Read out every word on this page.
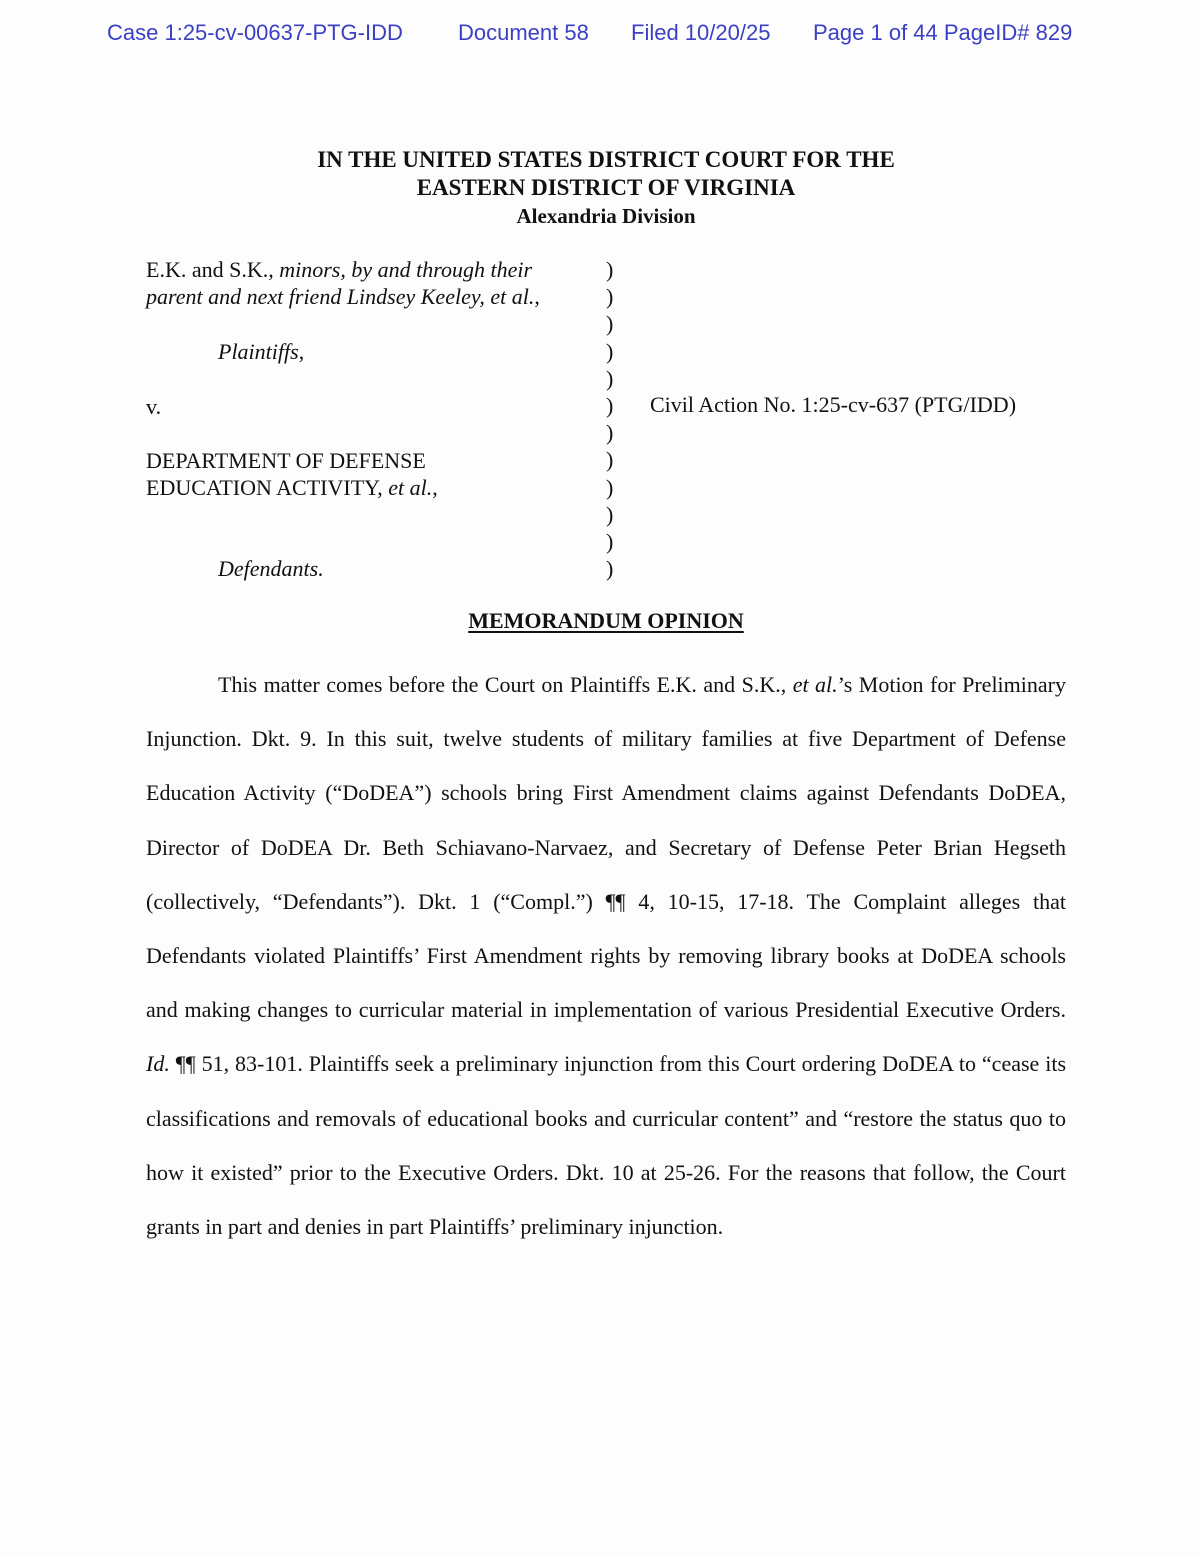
Case 1:25-cv-00637-PTG-IDD	Document 58 Filed 10/20/25 Page 1 of 44 PageID# 829
IN THE UNITED STATES DISTRICT COURT FOR THE
EASTERN DISTRICT OF VIRGINIA
Alexandria Division
E.K. and S.K., minors, by and through their
parent and next friend Lindsey Keeley, et al.,
Plaintiffs,
v.
DEPARTMENT OF DEFENSE
EDUCATION ACTIVITY, et al.,
Defendants.
)
)
)
)
)
)
)
)
)
)
)
)
Civil Action No. 1:25-cv-637 (PTG/IDD)
MEMORANDUM OPINION

This matter comes before the Court on Plaintiffs E.K. and S.K., et al.’s Motion for Preliminary Injunction. Dkt. 9. In this suit, twelve students of military families at five Department of Defense Education Activity (“DoDEA”) schools bring First Amendment claims against Defendants DoDEA, Director of DoDEA Dr. Beth Schiavano-Narvaez, and Secretary of Defense Peter Brian Hegseth (collectively, “Defendants”). Dkt. 1 (“Compl.”) ¶¶ 4, 10-15, 17-18. The Complaint alleges that Defendants violated Plaintiffs’ First Amendment rights by removing library books at DoDEA schools and making changes to curricular material in implementation of various Presidential Executive Orders. Id. ¶¶ 51, 83-101. Plaintiffs seek a preliminary injunction from this Court ordering DoDEA to “cease its classifications and removals of educational books and curricular content” and “restore the status quo to how it existed” prior to the Executive Orders. Dkt. 10 at 25-26. For the reasons that follow, the Court grants in part and denies in part Plaintiffs’ preliminary injunction.
